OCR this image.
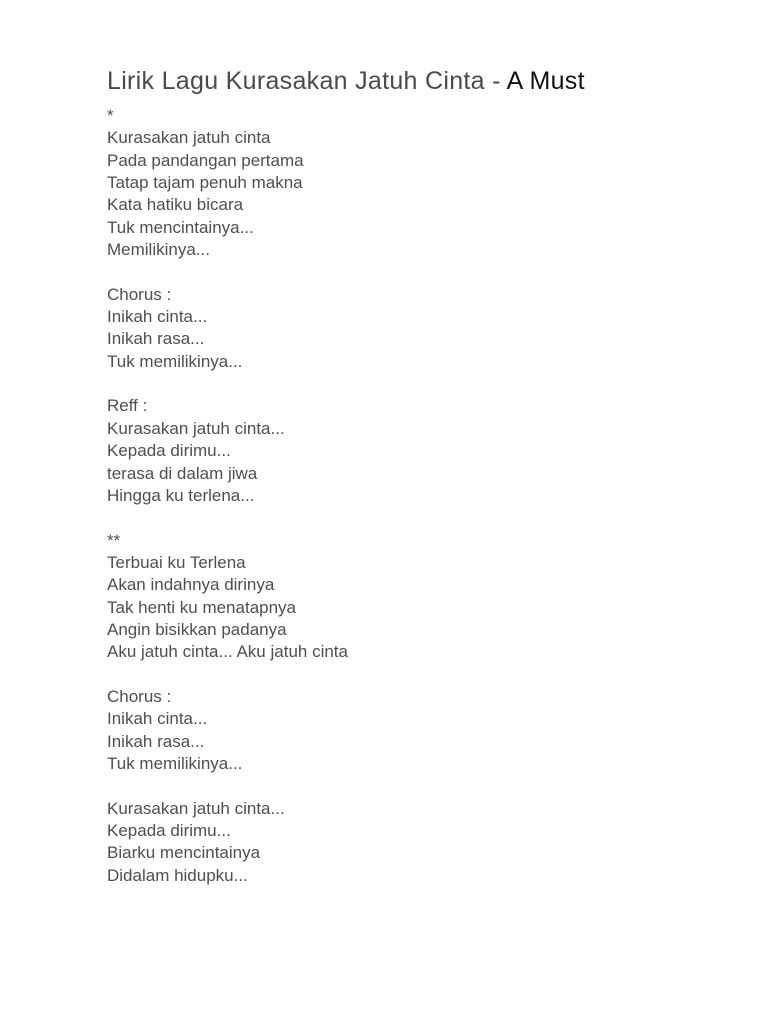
Lirik Lagu Kurasakan Jatuh Cinta - A Must
*
Kurasakan jatuh cinta
Pada pandangan pertama
Tatap tajam penuh makna
Kata hatiku bicara
Tuk mencintainya...
Memilikinya...
Chorus :
Inikah cinta...
Inikah rasa...
Tuk memilikinya...
Reff :
Kurasakan jatuh cinta...
Kepada dirimu...
terasa di dalam jiwa
Hingga ku terlena...
**
Terbuai ku Terlena
Akan indahnya dirinya
Tak henti ku menatapnya
Angin bisikkan padanya
Aku jatuh cinta... Aku jatuh cinta
Chorus :
Inikah cinta...
Inikah rasa...
Tuk memilikinya...
Kurasakan jatuh cinta...
Kepada dirimu...
Biarku mencintainya
Didalam hidupku...
